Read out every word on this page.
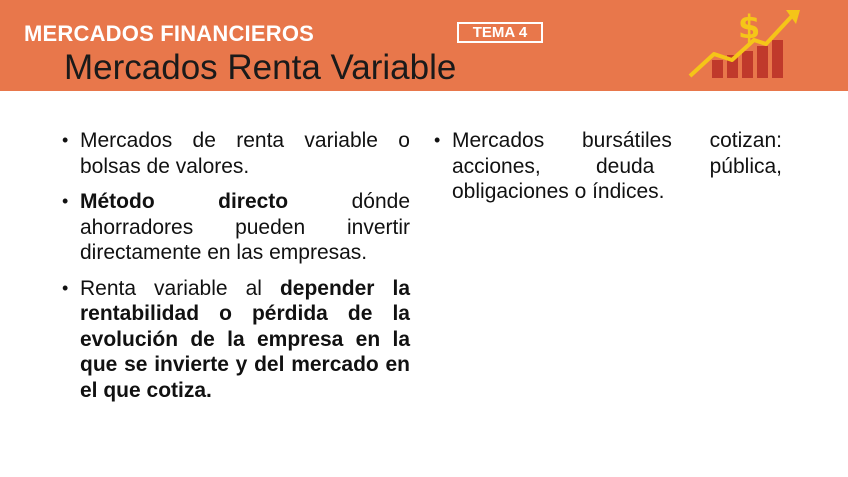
MERCADOS FINANCIEROS	TEMA 4
Mercados Renta Variable
$
• Mercados de renta variable o bolsas de valores.
• Método directo dónde ahorradores pueden invertir directamente en las empresas.
• Renta variable al depender la rentabilidad o pérdida de la evolución de la empresa en la que se invierte y del mercado en el que cotiza.
• Mercados bursátiles cotizan: acciones, deuda pública, obligaciones o índices.
